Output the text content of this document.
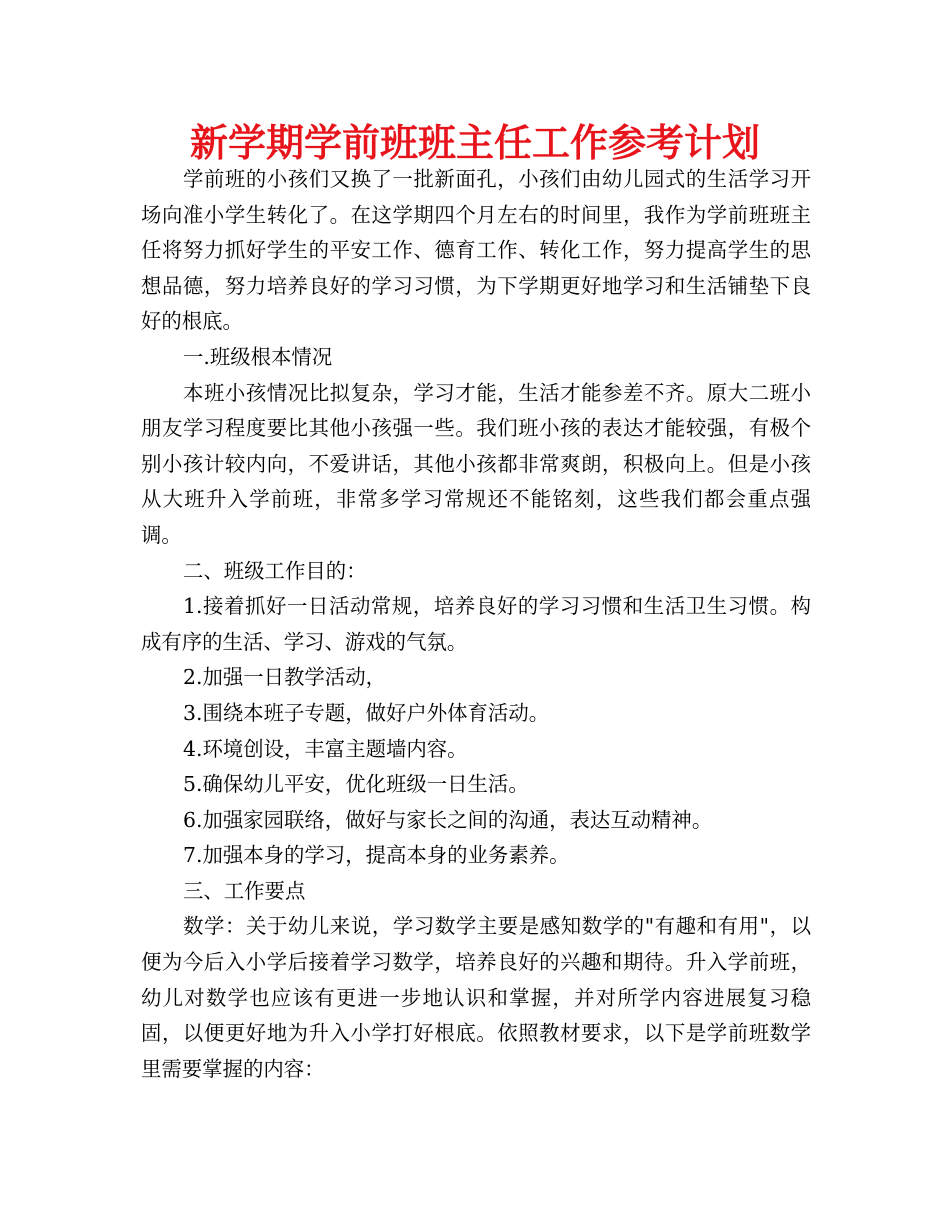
新学期学前班班主任工作参考计划

学前班的小孩们又换了一批新面孔，小孩们由幼儿园式的生活学习开场向准小学生转化了。在这学期四个月左右的时间里，我作为学前班班主任将努力抓好学生的平安工作、德育工作、转化工作，努力提高学生的思想品德，努力培养良好的学习习惯，为下学期更好地学习和生活铺垫下良好的根底。

一.班级根本情况

本班小孩情况比拟复杂，学习才能，生活才能参差不齐。原大二班小朋友学习程度要比其他小孩强一些。我们班小孩的表达才能较强，有极个别小孩计较内向，不爱讲话，其他小孩都非常爽朗，积极向上。但是小孩从大班升入学前班，非常多学习常规还不能铭刻，这些我们都会重点强调。

二、班级工作目的：

1.接着抓好一日活动常规，培养良好的学习习惯和生活卫生习惯。构成有序的生活、学习、游戏的气氛。

2.加强一日教学活动，

3.围绕本班子专题，做好户外体育活动。

4.环境创设，丰富主题墙内容。

5.确保幼儿平安，优化班级一日生活。

6.加强家园联络，做好与家长之间的沟通，表达互动精神。

7.加强本身的学习，提高本身的业务素养。

三、工作要点

数学：关于幼儿来说，学习数学主要是感知数学的"有趣和有用"，以便为今后入小学后接着学习数学，培养良好的兴趣和期待。升入学前班，幼儿对数学也应该有更进一步地认识和掌握，并对所学内容进展复习稳固，以便更好地为升入小学打好根底。依照教材要求，以下是学前班数学里需要掌握的内容：
